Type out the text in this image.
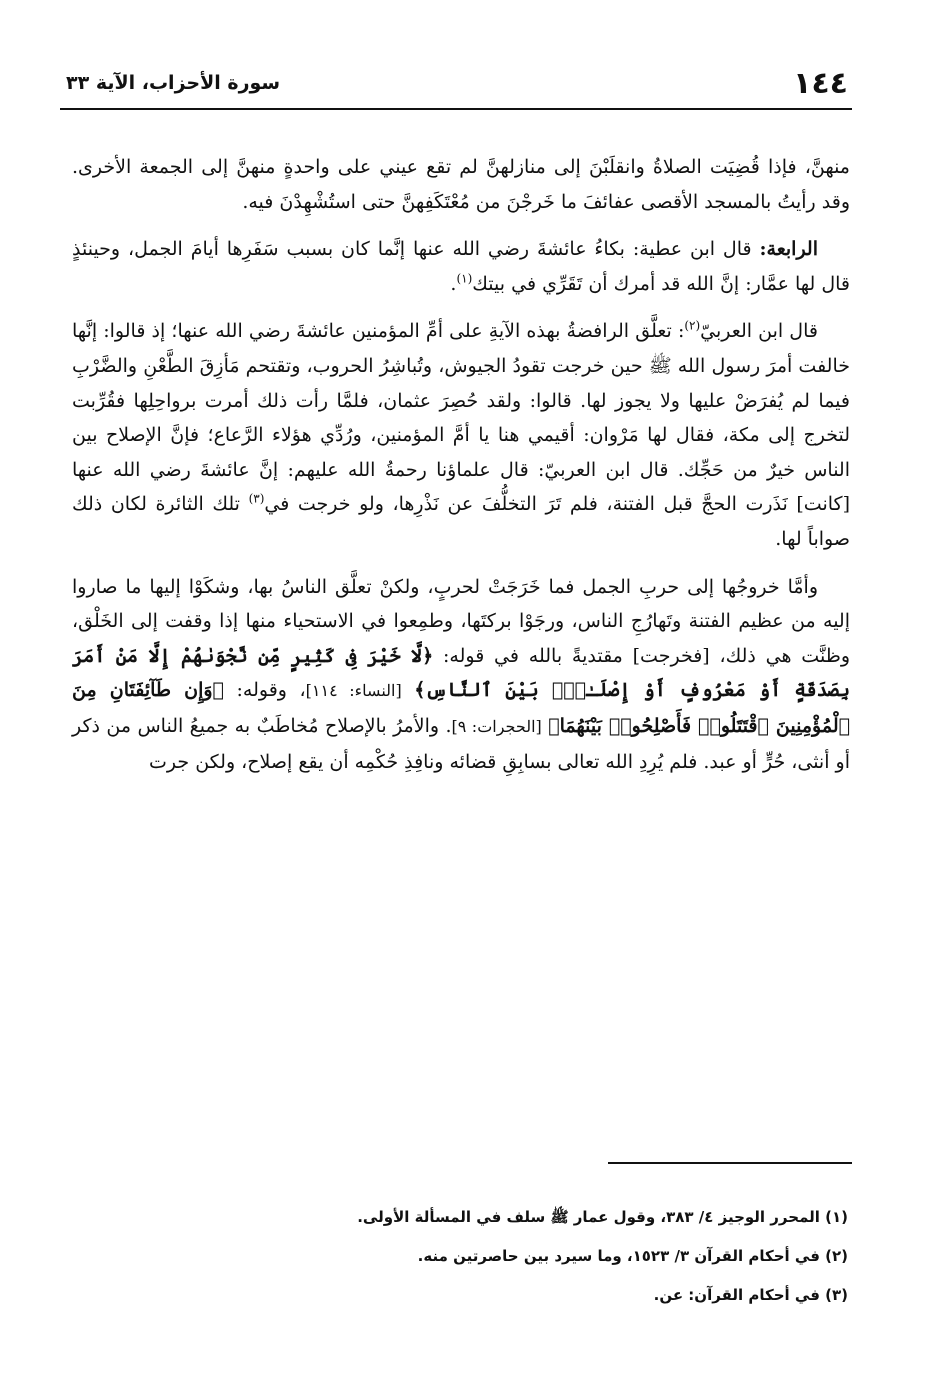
١٤٤
سورة الأحزاب، الآية ٣٣

منهنَّ، فإذا قُضِيَت الصلاةُ وانقلَبْنَ إلى منازلهنَّ لم تقع عيني على واحدةٍ منهنَّ إلى الجمعة الأخرى. وقد رأيتُ بالمسجد الأقصى عفائفَ ما خَرجْنَ من مُعْتَكَفِهنَّ حتى استُشْهِدْنَ فيه.

الرابعة: قال ابن عطية: بكاءُ عائشةَ رضي الله عنها إنَّما كان بسبب سَفَرِها أيامَ الجمل، وحينئذٍ قال لها عمَّار: إنَّ الله قد أمرك أن تَقَرِّي في بيتك$^{(١)}$.

قال ابن العربيّ$^{(٢)}$: تعلَّق الرافضةُ بهذه الآيةِ على أمِّ المؤمنين عائشةَ رضي الله عنها؛ إذ قالوا: إنَّها خالفت أمرَ رسول الله ﷺ حين خرجت تقودُ الجيوش، وتُباشِرُ الحروب، وتقتحم مَأزِقَ الطَّعْنِ والضَّرْبِ فيما لم يُفرَضْ عليها ولا يجوز لها. قالوا: ولقد حُصِرَ عثمان، فلمَّا رأت ذلك أمرت برواحِلِها فقُرِّبت لتخرج إلى مكة، فقال لها مَرْوان: أقيمي هنا يا أمَّ المؤمنين، ورُدِّي هؤلاء الرَّعاع؛ فإنَّ الإصلاح بين الناس خيرٌ من حَجِّك. قال ابن العربيّ: قال علماؤنا رحمةُ الله عليهم: إنَّ عائشةَ رضي الله عنها [كانت] نَذَرت الحجَّ قبل الفتنة، فلم تَرَ التخلُّفَ عن نَذْرِها، ولو خرجت في$^{(٣)}$ تلك الثائرة لكان ذلك صواباً لها.

وأمَّا خروجُها إلى حربِ الجمل فما خَرَجَتْ لحربٍ، ولكنْ تعلَّق الناسُ بها، وشكَوْا إليها ما صاروا إليه من عظيم الفتنة وتَهارُجِ الناس، ورجَوْا بركتَها، وطمِعوا في الاستحياء منها إذا وقفت إلى الخَلْق، وظنَّت هي ذلك، [فخرجت] مقتديةً بالله في قوله: ﴿لَّا خَيْرَ فِى كَثِيرٍ مِّن نَّجْوَىٰهُمْ إِلَّا مَنْ أَمَرَ بِصَدَقَةٍ أَوْ مَعْرُوفٍ أَوْ إِصْلَـٰحٍۭ بَيْنَ ٱلنَّاسِ﴾ [النساء: ١١٤]، وقوله: ﴿وَإِن طَآئِفَتَانِ مِنَ ٱلْمُؤْمِنِينَ ٱقْتَتَلُوا۟ فَأَصْلِحُوا۟ بَيْنَهُمَا﴾ [الحجرات: ٩]. والأمرُ بالإصلاح مُخاطَبٌ به جميعُ الناس من ذكر أو أنثى، حُرٍّ أو عبد. فلم يُرِدِ الله تعالى بسابِقِ قضائه ونافِذِ حُكْمِه أن يقع إصلاح، ولكن جرت

(١) المحرر الوجيز ٤/ ٣٨٣، وقول عمار ﷺ سلف في المسألة الأولى.
(٢) في أحكام القرآن ٣/ ١٥٢٣، وما سيرد بين حاصرتين منه.
(٣) في أحكام القرآن: عن.
